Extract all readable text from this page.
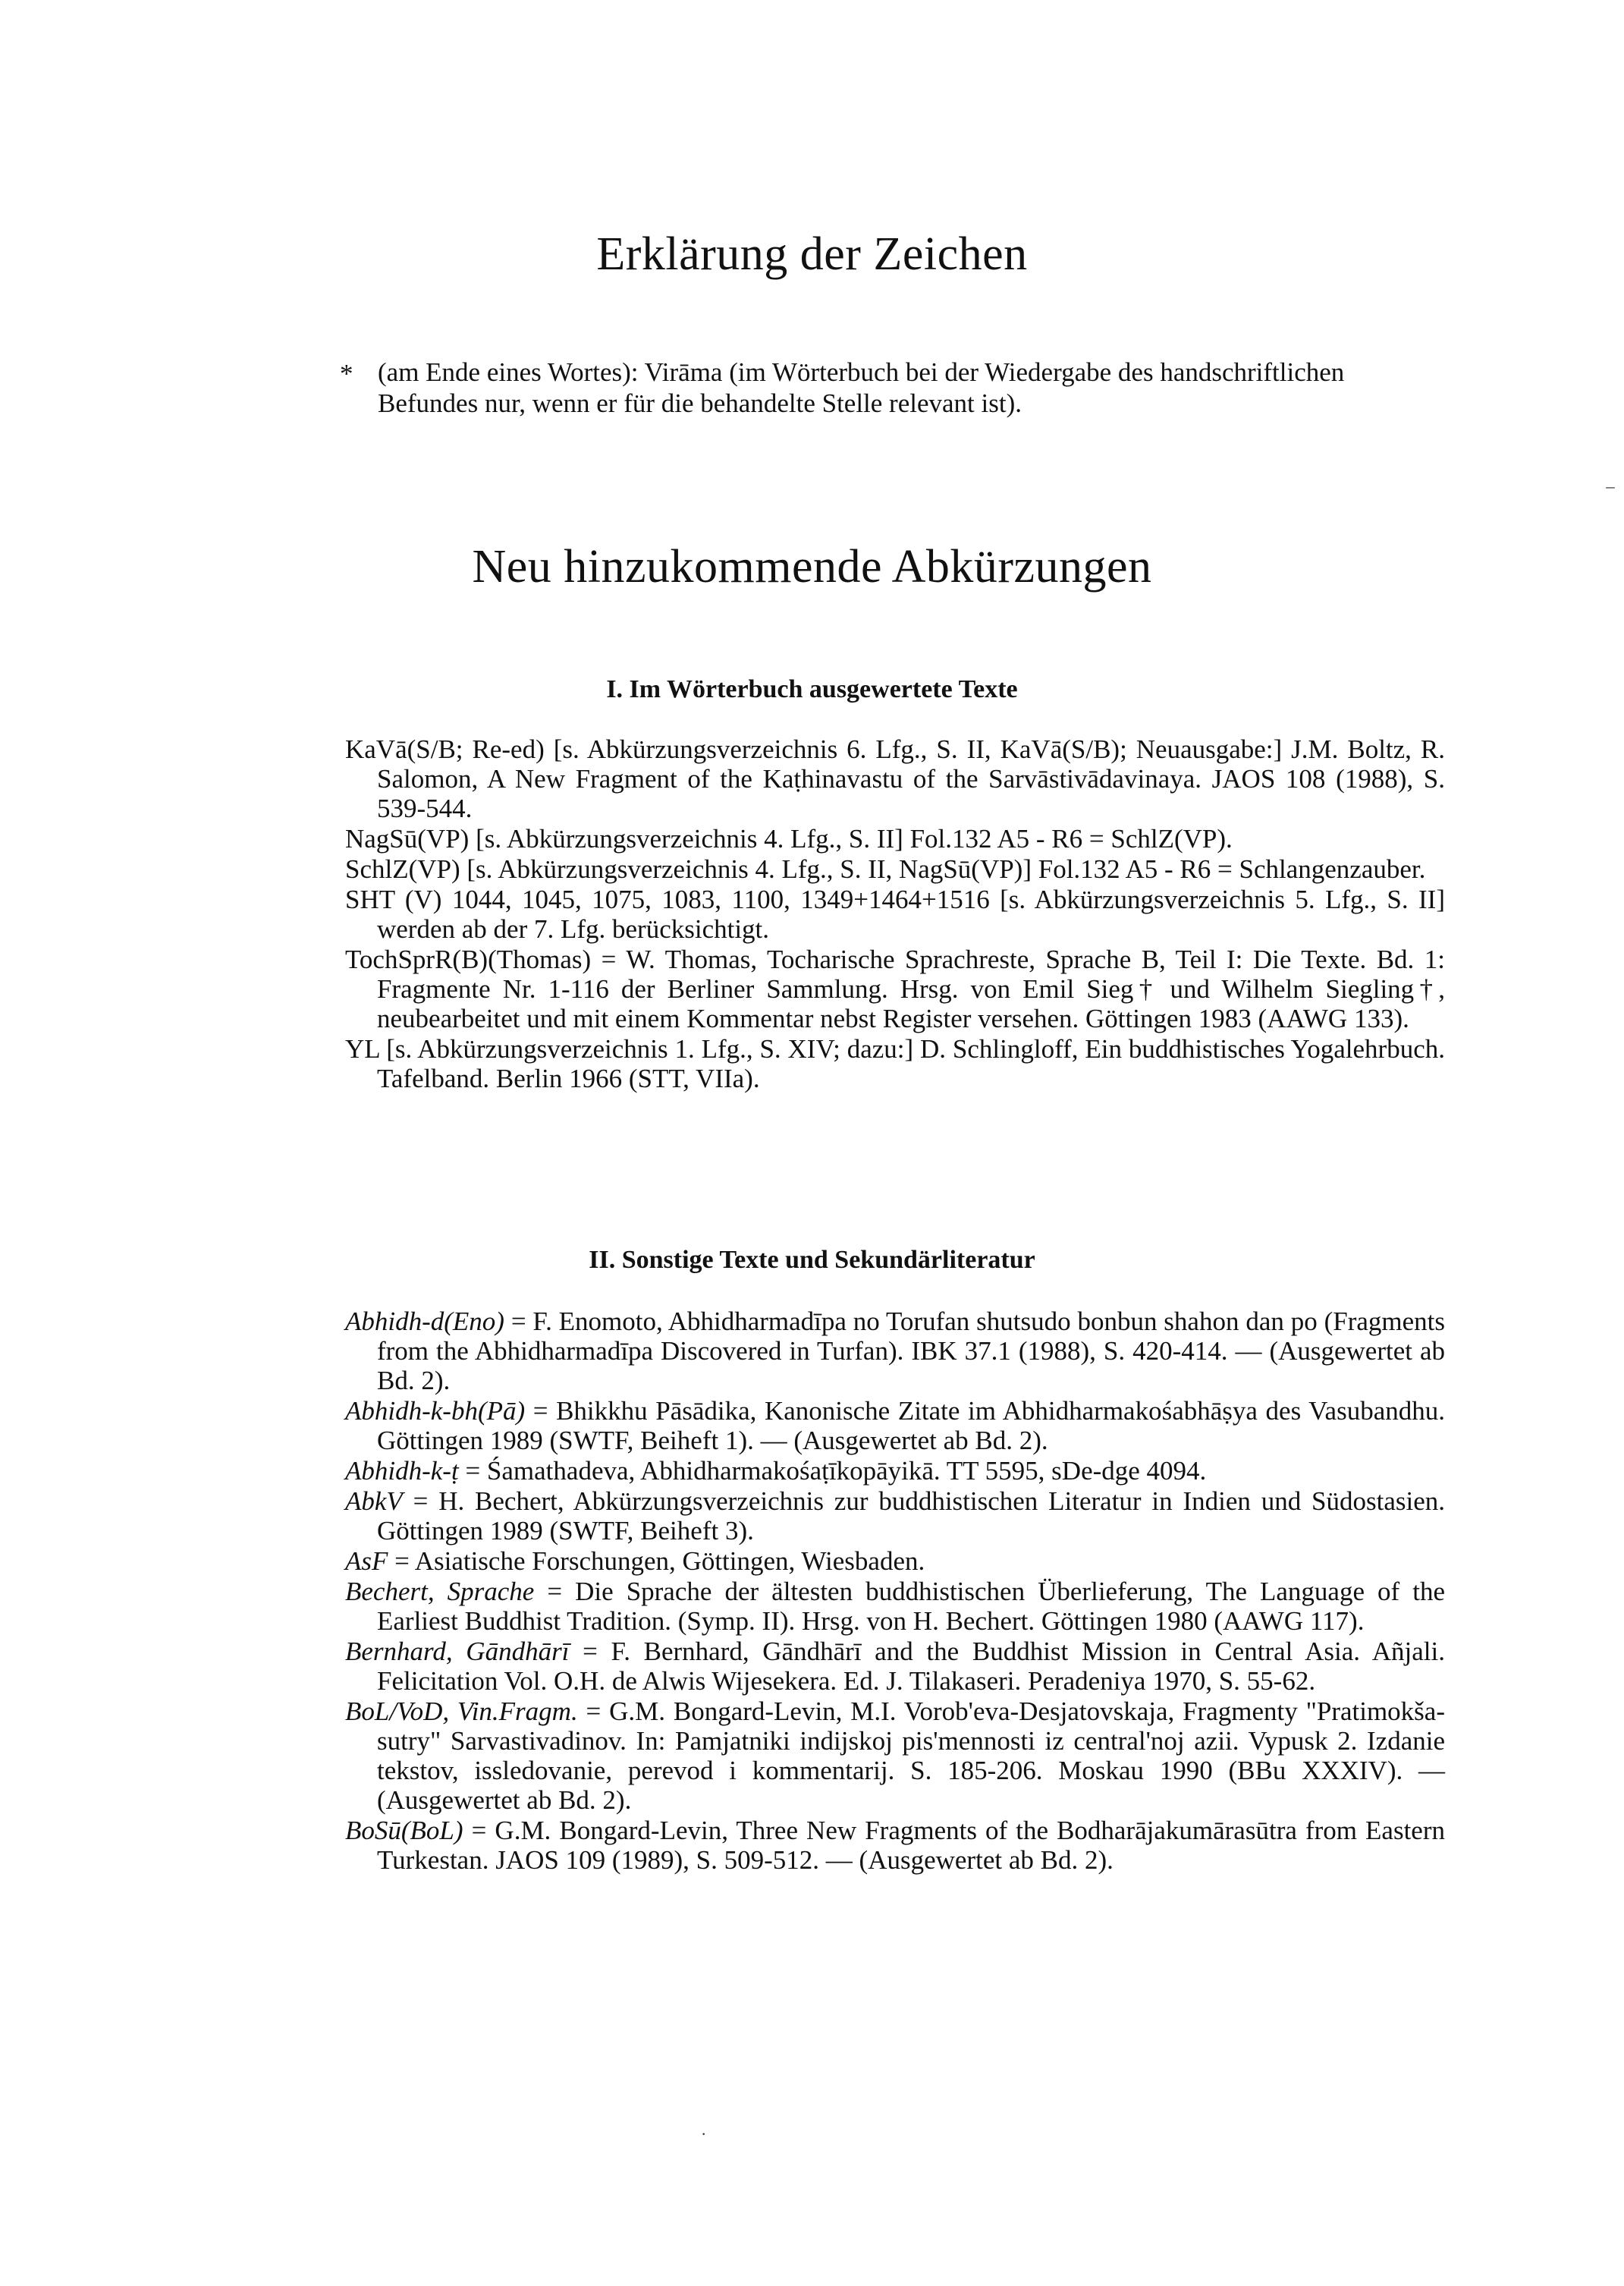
Erklärung der Zeichen
* (am Ende eines Wortes): Virāma (im Wörterbuch bei der Wiedergabe des handschriftlichen Befundes nur, wenn er für die behandelte Stelle relevant ist).
‾
Neu hinzukommende Abkürzungen
I. Im Wörterbuch ausgewertete Texte

KaVā(S/B; Re-ed) [s. Abkürzungsverzeichnis 6. Lfg., S. II, KaVā(S/B); Neuausgabe:] J.M. Boltz, R. Salomon, A New Fragment of the Kaṭhinavastu of the Sarvāstivādavinaya. JAOS 108 (1988), S. 539-544.

NagSū(VP) [s. Abkürzungsverzeichnis 4. Lfg., S. II] Fol.132 A5 - R6 = SchlZ(VP).

SchlZ(VP) [s. Abkürzungsverzeichnis 4. Lfg., S. II, NagSū(VP)] Fol.132 A5 - R6 = Schlangenzauber.

SHT (V) 1044, 1045, 1075, 1083, 1100, 1349+1464+1516 [s. Abkürzungsverzeichnis 5. Lfg., S. II] werden ab der 7. Lfg. berücksichtigt.

TochSprR(B)(Thomas) = W. Thomas, Tocharische Sprachreste, Sprache B, Teil I: Die Texte. Bd. 1: Fragmente Nr. 1-116 der Berliner Sammlung. Hrsg. von Emil Sieg† und Wilhelm Siegling†, neubearbeitet und mit einem Kommentar nebst Register versehen. Göttingen 1983 (AAWG 133).

YL [s. Abkürzungsverzeichnis 1. Lfg., S. XIV; dazu:] D. Schlingloff, Ein buddhistisches Yogalehrbuch. Tafelband. Berlin 1966 (STT, VIIa).

II. Sonstige Texte und Sekundärliteratur

Abhidh-d(Eno) = F. Enomoto, Abhidharmadīpa no Torufan shutsudo bonbun shahon dan po (Fragments from the Abhidharmadīpa Discovered in Turfan). IBK 37.1 (1988), S. 420-414. — (Ausgewertet ab Bd. 2).

Abhidh-k-bh(Pā) = Bhikkhu Pāsādika, Kanonische Zitate im Abhidharmakośabhāṣya des Vasubandhu. Göttingen 1989 (SWTF, Beiheft 1). — (Ausgewertet ab Bd. 2).

Abhidh-k-ṭ = Śamathadeva, Abhidharmakośaṭīkopāyikā. TT 5595, sDe-dge 4094.

AbkV = H. Bechert, Abkürzungsverzeichnis zur buddhistischen Literatur in Indien und Südostasien. Göttingen 1989 (SWTF, Beiheft 3).

AsF = Asiatische Forschungen, Göttingen, Wiesbaden.

Bechert, Sprache = Die Sprache der ältesten buddhistischen Überlieferung, The Language of the Earliest Buddhist Tradition. (Symp. II). Hrsg. von H. Bechert. Göttingen 1980 (AAWG 117).

Bernhard, Gāndhārī = F. Bernhard, Gāndhārī and the Buddhist Mission in Central Asia. Añjali. Felicitation Vol. O.H. de Alwis Wijesekera. Ed. J. Tilakaseri. Peradeniya 1970, S. 55-62.

BoL/VoD, Vin.Fragm. = G.M. Bongard-Levin, M.I. Vorob'eva-Desjatovskaja, Fragmenty "Pratimokša-sutry" Sarvastivadinov. In: Pamjatniki indijskoj pis'mennosti iz central'noj azii. Vypusk 2. Izdanie tekstov, issledovanie, perevod i kommentarij. S. 185-206. Moskau 1990 (BBu XXXIV). — (Ausgewertet ab Bd. 2).

BoSū(BoL) = G.M. Bongard-Levin, Three New Fragments of the Bodharājakumārasūtra from Eastern Turkestan. JAOS 109 (1989), S. 509-512. — (Ausgewertet ab Bd. 2).

·
